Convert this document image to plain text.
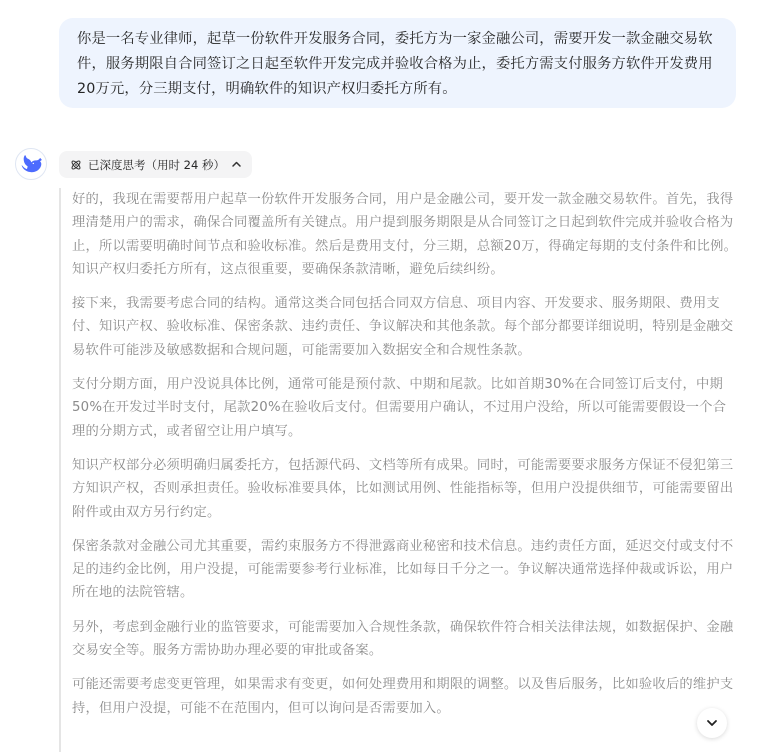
你是一名专业律师，起草一份软件开发服务合同，委托方为一家金融公司，需要开发一款金融交易软件，服务期限自合同签订之日起至软件开发完成并验收合格为止，委托方需支付服务方软件开发费用20万元，分三期支付，明确软件的知识产权归委托方所有。
已深度思考（用时 24 秒）

好的，我现在需要帮用户起草一份软件开发服务合同，用户是金融公司，要开发一款金融交易软件。首先，我得理清楚用户的需求，确保合同覆盖所有关键点。用户提到服务期限是从合同签订之日起到软件完成并验收合格为止，所以需要明确时间节点和验收标准。然后是费用支付，分三期，总额20万，得确定每期的支付条件和比例。知识产权归委托方所有，这点很重要，要确保条款清晰，避免后续纠纷。

接下来，我需要考虑合同的结构。通常这类合同包括合同双方信息、项目内容、开发要求、服务期限、费用支付、知识产权、验收标准、保密条款、违约责任、争议解决和其他条款。每个部分都要详细说明，特别是金融交易软件可能涉及敏感数据和合规问题，可能需要加入数据安全和合规性条款。

支付分期方面，用户没说具体比例，通常可能是预付款、中期和尾款。比如首期30%在合同签订后支付，中期50%在开发过半时支付，尾款20%在验收后支付。但需要用户确认，不过用户没给，所以可能需要假设一个合理的分期方式，或者留空让用户填写。

知识产权部分必须明确归属委托方，包括源代码、文档等所有成果。同时，可能需要要求服务方保证不侵犯第三方知识产权，否则承担责任。验收标准要具体，比如测试用例、性能指标等，但用户没提供细节，可能需要留出附件或由双方另行约定。

保密条款对金融公司尤其重要，需约束服务方不得泄露商业秘密和技术信息。违约责任方面，延迟交付或支付不足的违约金比例，用户没提，可能需要参考行业标准，比如每日千分之一。争议解决通常选择仲裁或诉讼，用户所在地的法院管辖。

另外，考虑到金融行业的监管要求，可能需要加入合规性条款，确保软件符合相关法律法规，如数据保护、金融交易安全等。服务方需协助办理必要的审批或备案。

可能还需要考虑变更管理，如果需求有变更，如何处理费用和期限的调整。以及售后服务，比如验收后的维护支持，但用户没提，可能不在范围内，但可以询问是否需要加入。
